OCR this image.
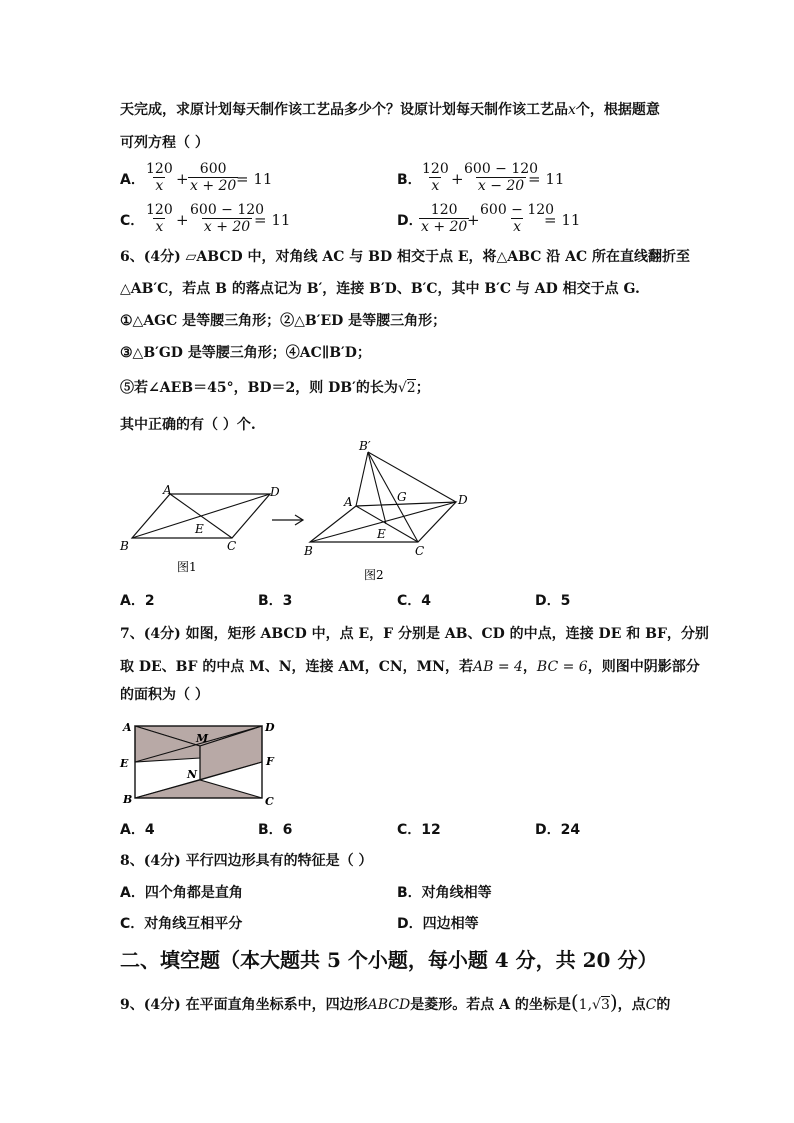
天完成，求原计划每天制作该工艺品多少个？设原计划每天制作该工艺品x个，根据题意
可列方程（ ）
A． $\frac{120}{x} + \frac{600}{x + 20}$
= 11	B．
$\frac{120}{x}$ +
$\frac{600 - 120}{x - 20}$
= 11
C． $\frac{120}{x} + \frac{600 - 120}{x + 20}$
= 11	D．
$\frac{120}{x + 20}$
+
$\frac{600 - 120}{x}$
= 11
6、(4分) ▱ABCD 中，对角线 AC 与 BD 相交于点 E，将△ABC 沿 AC 所在直线翻折至
△AB′C，若点 B 的落点记为 B′，连接 B′D、B′C，其中 B′C 与 AD 相交于点 G.
①△AGC 是等腰三角形；②△B′ED 是等腰三角形；
③△B′GD 是等腰三角形；④AC∥B′D；
⑤若∠AEB＝45°，BD＝2，则 DB′的长为√2；
其中正确的有（ ）个.
A	D
B	C
E
图1
B′
A	G	D
E
B	C
图2
A．2	B．3	C．4	D．5
7、(4分) 如图，矩形 ABCD 中，点 E，F 分别是 AB、CD 的中点，连接 DE 和 BF，分别
取 DE、BF 的中点 M、N，连接 AM，CN，MN，若AB = 4，BC = 6，则图中阴影部分
的面积为（ ）
A	D
E	F
M
N
B	C
A．4	B．6	C．12	D．24
8、(4分) 平行四边形具有的特征是（ ）
A．四个角都是直角	B．对角线相等
C．对角线互相平分	D．四边相等
二、填空题（本大题共 5 个小题，每小题 4 分，共 20 分）
9、(4分) 在平面直角坐标系中，四边形ABCD是菱形。若点 A 的坐标是(1,√3)，点C的
